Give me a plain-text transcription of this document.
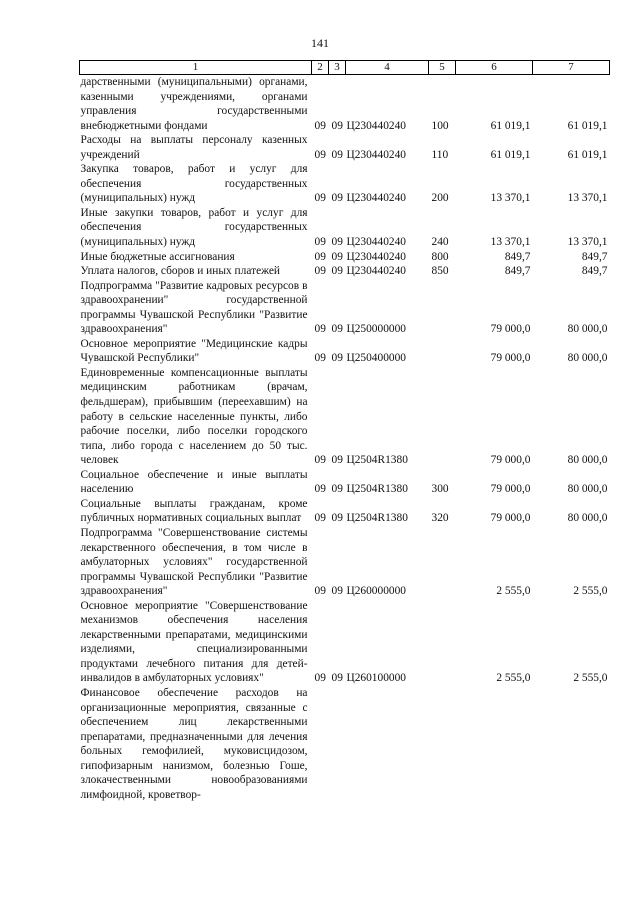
141
1	2	3	4	5	6	7
дарственными (муниципальными) органами, казенными учреждениями, органами управления государственными внебюджетными фондами	09	09	Ц230440240	100	61 019,1	61 019,1
Расходы на выплаты персоналу казенных учреждений	09	09	Ц230440240	110	61 019,1	61 019,1
Закупка товаров, работ и услуг для обеспечения государственных (муниципальных) нужд	09	09	Ц230440240	200	13 370,1	13 370,1
Иные закупки товаров, работ и услуг для обеспечения государственных (муниципальных) нужд	09	09	Ц230440240	240	13 370,1	13 370,1
Иные бюджетные ассигнования	09	09	Ц230440240	800	849,7	849,7
Уплата налогов, сборов и иных платежей	09	09	Ц230440240	850	849,7	849,7
Подпрограмма "Развитие кадровых ресурсов в здравоохранении" государственной программы Чувашской Республики "Развитие здравоохранения"	09	09	Ц250000000		79 000,0	80 000,0
Основное мероприятие "Медицинские кадры Чувашской Республики"	09	09	Ц250400000		79 000,0	80 000,0
Единовременные компенсационные выплаты медицинским работникам (врачам, фельдшерам), прибывшим (переехавшим) на работу в сельские населенные пункты, либо рабочие поселки, либо поселки городского типа, либо города с населением до 50 тыс. человек	09	09	Ц2504R1380		79 000,0	80 000,0
Социальное обеспечение и иные выплаты населению	09	09	Ц2504R1380	300	79 000,0	80 000,0
Социальные выплаты гражданам, кроме публичных нормативных социальных выплат	09	09	Ц2504R1380	320	79 000,0	80 000,0
Подпрограмма "Совершенствование системы лекарственного обеспечения, в том числе в амбулаторных условиях" государственной программы Чувашской Республики "Развитие здравоохранения"	09	09	Ц260000000		2 555,0	2 555,0
Основное мероприятие "Совершенствование механизмов обеспечения населения лекарственными препаратами, медицинскими изделиями, специализированными продуктами лечебного питания для детей-инвалидов в амбулаторных условиях"	09	09	Ц260100000		2 555,0	2 555,0
Финансовое обеспечение расходов на организационные мероприятия, связанные с обеспечением лиц лекарственными препаратами, предназначенными для лечения больных гемофилией, муковисцидозом, гипофизарным нанизмом, болезнью Гоше, злокачественными новообразованиями лимфоидной, кроветвор-						
